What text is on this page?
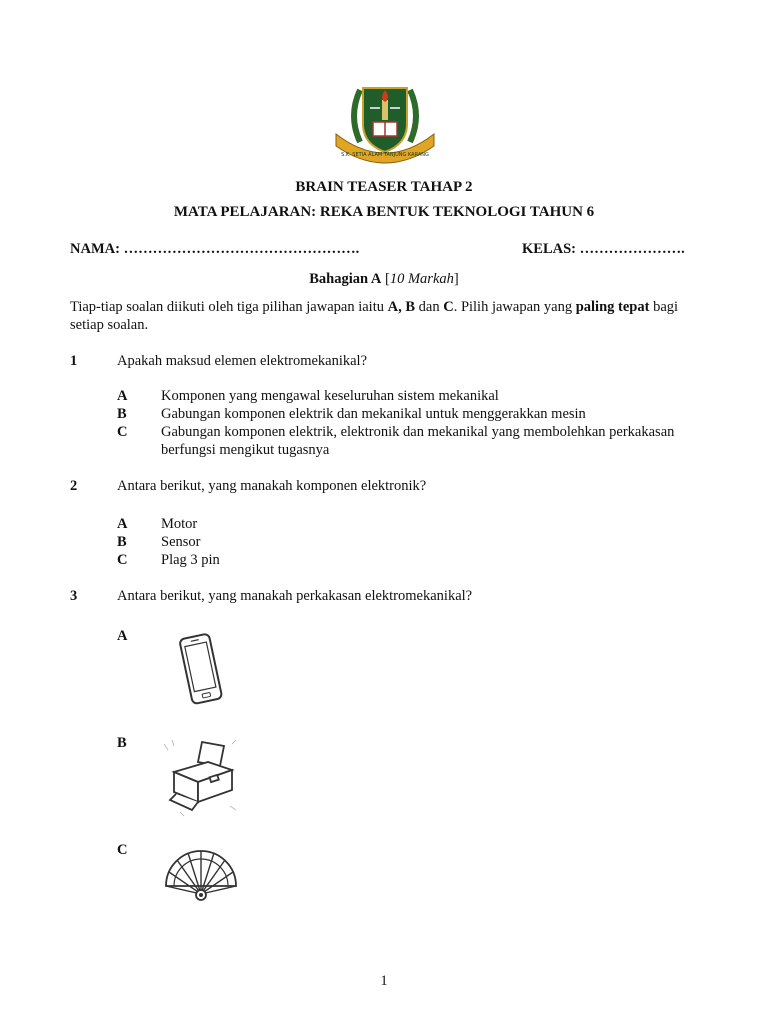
S.K. SETIA ALAM TANJUNG KARANG
BRAIN TEASER TAHAP 2
MATA PELAJARAN: REKA BENTUK TEKNOLOGI TAHUN 6
NAMA: ………………………………………….	KELAS: ………………….
Bahagian A [10 Markah]
Tiap-tiap soalan diikuti oleh tiga pilihan jawapan iaitu A, B dan C. Pilih jawapan yang paling tepat bagi
setiap soalan.
1	Apakah maksud elemen elektromekanikal?
A Komponen yang mengawal keseluruhan sistem mekanikal
B Gabungan komponen elektrik dan mekanikal untuk menggerakkan mesin
C Gabungan komponen elektrik, elektronik dan mekanikal yang membolehkan perkakasan
berfungsi mengikut tugasnya
2	Antara berikut, yang manakah komponen elektronik?
A Motor
B Sensor
C Plag 3 pin
3	Antara berikut, yang manakah perkakasan elektromekanikal?
A
B
C
1
